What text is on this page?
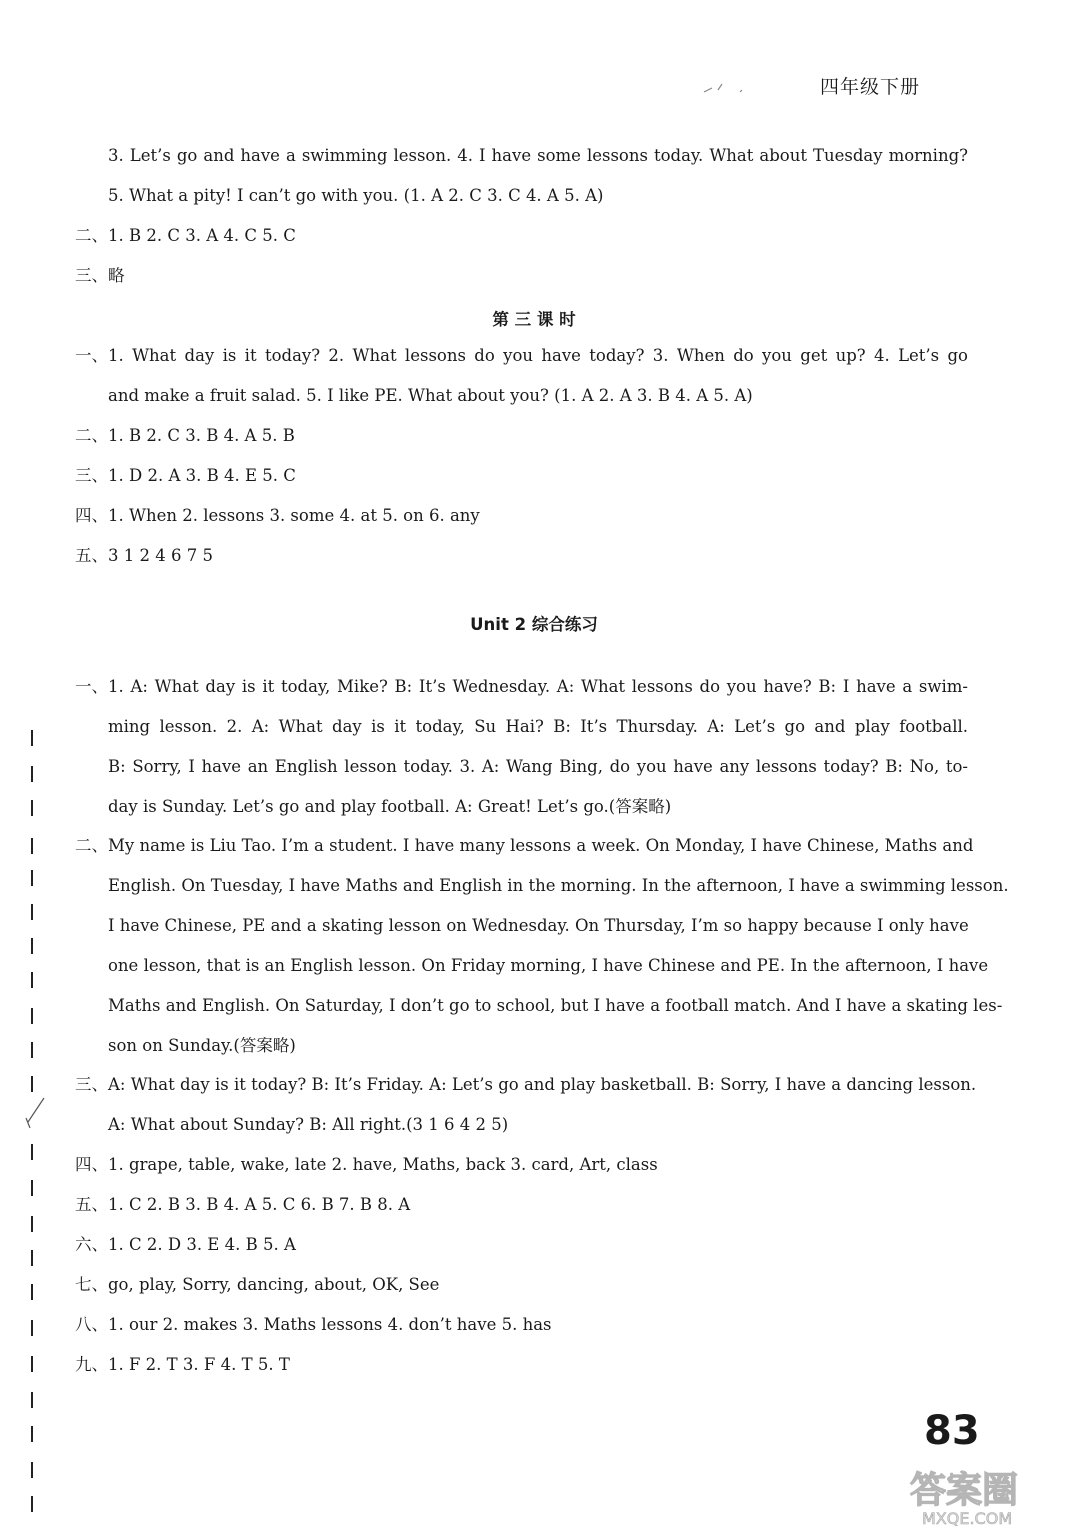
四年级下册
3. Let’s go and have a swimming lesson. 4. I have some lessons today. What about Tuesday morning?
5. What a pity! I can’t go with you. (1. A 2. C 3. C 4. A 5. A)
二、1. B 2. C 3. A 4. C 5. C
三、略
第 三 课 时
一、1. What day is it today? 2. What lessons do you have today? 3. When do you get up? 4. Let’s go
and make a fruit salad. 5. I like PE. What about you? (1. A 2. A 3. B 4. A 5. A)
二、1. B 2. C 3. B 4. A 5. B
三、1. D 2. A 3. B 4. E 5. C
四、1. When 2. lessons 3. some 4. at 5. on 6. any
五、3 1 2 4 6 7 5
Unit 2 综合练习
一、1. A: What day is it today, Mike? B: It’s Wednesday. A: What lessons do you have? B: I have a swim-
ming lesson. 2. A: What day is it today, Su Hai? B: It’s Thursday. A: Let’s go and play football.
B: Sorry, I have an English lesson today. 3. A: Wang Bing, do you have any lessons today? B: No, to-
day is Sunday. Let’s go and play football. A: Great! Let’s go.(答案略)
二、My name is Liu Tao. I’m a student. I have many lessons a week. On Monday, I have Chinese, Maths and
English. On Tuesday, I have Maths and English in the morning. In the afternoon, I have a swimming lesson.
I have Chinese, PE and a skating lesson on Wednesday. On Thursday, I’m so happy because I only have
one lesson, that is an English lesson. On Friday morning, I have Chinese and PE. In the afternoon, I have
Maths and English. On Saturday, I don’t go to school, but I have a football match. And I have a skating les-
son on Sunday.(答案略)
三、A: What day is it today? B: It’s Friday. A: Let’s go and play basketball. B: Sorry, I have a dancing lesson.
A: What about Sunday? B: All right.(3 1 6 4 2 5)
四、1. grape, table, wake, late 2. have, Maths, back 3. card, Art, class
五、1. C 2. B 3. B 4. A 5. C 6. B 7. B 8. A
六、1. C 2. D 3. E 4. B 5. A
七、go, play, Sorry, dancing, about, OK, See
八、1. our 2. makes 3. Maths lessons 4. don’t have 5. has
九、1. F 2. T 3. F 4. T 5. T
83
答案圈
MXQE.COM
